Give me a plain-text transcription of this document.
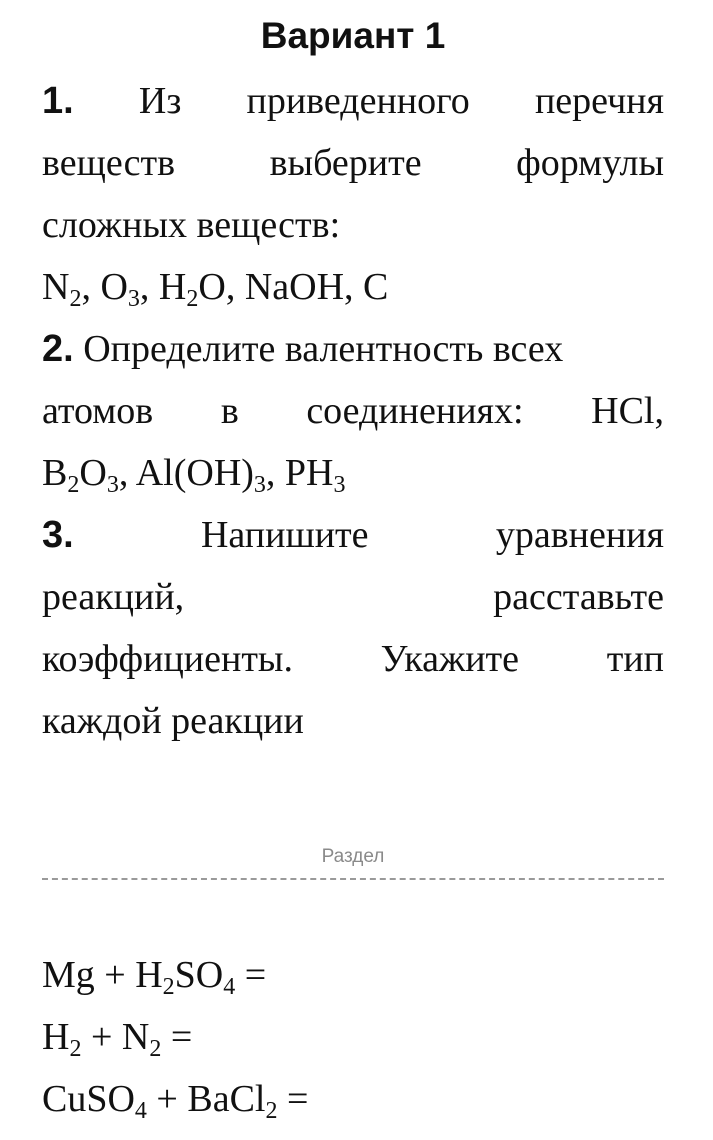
Вариант 1
1. Из приведенного перечня
веществ выберите формулы
сложных веществ:
$N_2$, $O_3$, $H_2O$, NaOH, C
2. Определите валентность всех
атомов в соединениях: HCl,
$B_2O_3$, $Al(OH)_3$, $PH_3$
3.	Напишите	уравнения
реакций,	расставьте
коэффициенты. Укажите тип
каждой реакции
Раздел
$Mg + H_2SO_4$ =
$H_2 + N_2$ =
CuSO$_4$ + BaCl$_2$ =
